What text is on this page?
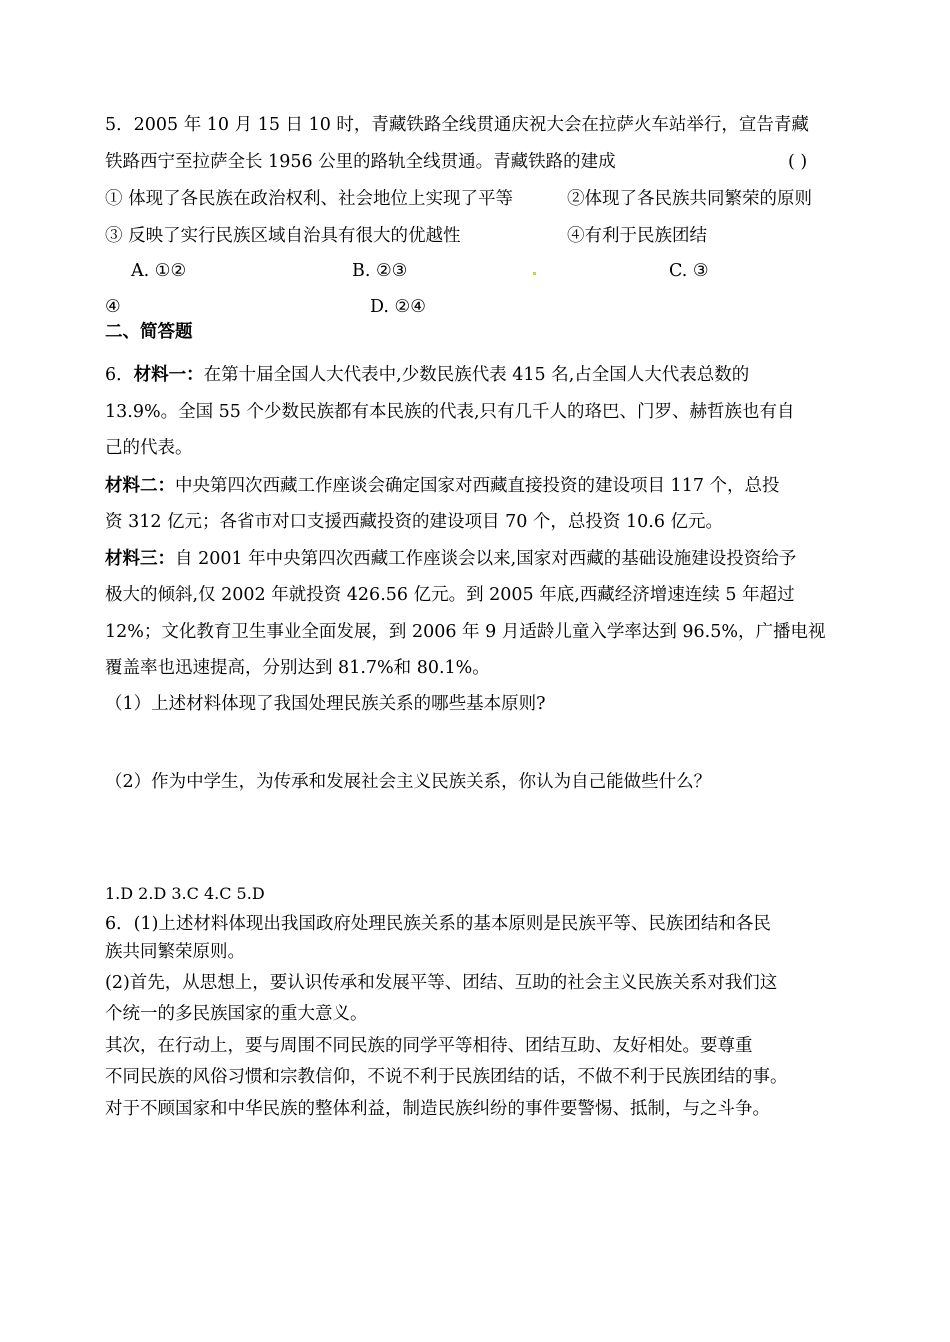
5．2005 年 10 月 15 日 10 时，青藏铁路全线贯通庆祝大会在拉萨火车站举行，宣告青藏
铁路西宁至拉萨全长 1956 公里的路轨全线贯通。青藏铁路的建成	( )
① 体现了各民族在政治权利、社会地位上实现了平等	②体现了各民族共同繁荣的原则
③ 反映了实行民族区域自治具有很大的优越性	④有利于民族团结
A. ①②	B. ②③	C. ③
④	D. ②④
二、简答题
6．材料一：在第十届全国人大代表中,少数民族代表 415 名,占全国人大代表总数的
13.9%。全国 55 个少数民族都有本民族的代表,只有几千人的珞巴、门罗、赫哲族也有自
己的代表。
材料二：中央第四次西藏工作座谈会确定国家对西藏直接投资的建设项目 117 个，总投
资 312 亿元；各省市对口支援西藏投资的建设项目 70 个，总投资 10.6 亿元。
材料三：自 2001 年中央第四次西藏工作座谈会以来,国家对西藏的基础设施建设投资给予
极大的倾斜,仅 2002 年就投资 426.56 亿元。到 2005 年底,西藏经济增速连续 5 年超过
12%；文化教育卫生事业全面发展，到 2006 年 9 月适龄儿童入学率达到 96.5%，广播电视
覆盖率也迅速提高，分别达到 81.7%和 80.1%。
（1）上述材料体现了我国处理民族关系的哪些基本原则?
（2）作为中学生，为传承和发展社会主义民族关系，你认为自己能做些什么？
1.D 2.D 3.C 4.C 5.D
6．(1)上述材料体现出我国政府处理民族关系的基本原则是民族平等、民族团结和各民
族共同繁荣原则。
(2)首先，从思想上，要认识传承和发展平等、团结、互助的社会主义民族关系对我们这
个统一的多民族国家的重大意义。
其次，在行动上，要与周围不同民族的同学平等相待、团结互助、友好相处。要尊重
不同民族的风俗习惯和宗教信仰，不说不利于民族团结的话，不做不利于民族团结的事。
对于不顾国家和中华民族的整体利益，制造民族纠纷的事件要警惕、抵制，与之斗争。
